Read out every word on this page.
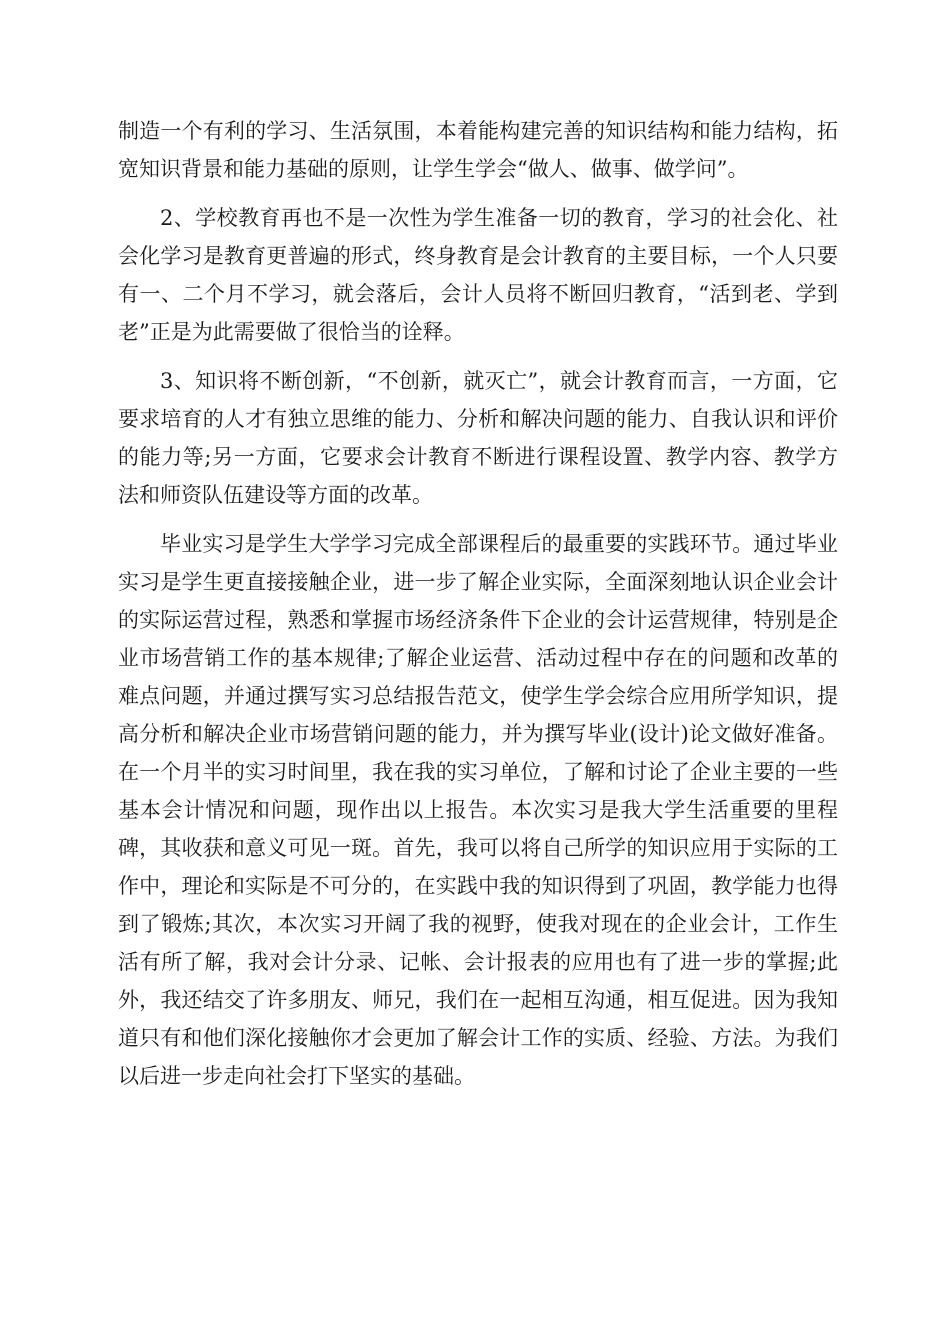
制造一个有利的学习、生活氛围，本着能构建完善的知识结构和能力结构，拓宽知识背景和能力基础的原则，让学生学会“做人、做事、做学问”。

2、学校教育再也不是一次性为学生准备一切的教育，学习的社会化、社会化学习是教育更普遍的形式，终身教育是会计教育的主要目标，一个人只要有一、二个月不学习，就会落后，会计人员将不断回归教育，“活到老、学到老”正是为此需要做了很恰当的诠释。

3、知识将不断创新，“不创新，就灭亡”，就会计教育而言，一方面，它要求培育的人才有独立思维的能力、分析和解决问题的能力、自我认识和评价的能力等;另一方面，它要求会计教育不断进行课程设置、教学内容、教学方法和师资队伍建设等方面的改革。

毕业实习是学生大学学习完成全部课程后的最重要的实践环节。通过毕业实习是学生更直接接触企业，进一步了解企业实际，全面深刻地认识企业会计的实际运营过程，熟悉和掌握市场经济条件下企业的会计运营规律，特别是企业市场营销工作的基本规律;了解企业运营、活动过程中存在的问题和改革的难点问题，并通过撰写实习总结报告范文，使学生学会综合应用所学知识，提高分析和解决企业市场营销问题的能力，并为撰写毕业(设计)论文做好准备。在一个月半的实习时间里，我在我的实习单位，了解和讨论了企业主要的一些基本会计情况和问题，现作出以上报告。本次实习是我大学生活重要的里程碑，其收获和意义可见一斑。首先，我可以将自己所学的知识应用于实际的工作中，理论和实际是不可分的，在实践中我的知识得到了巩固，教学能力也得到了锻炼;其次，本次实习开阔了我的视野，使我对现在的企业会计，工作生活有所了解，我对会计分录、记帐、会计报表的应用也有了进一步的掌握;此外，我还结交了许多朋友、师兄，我们在一起相互沟通，相互促进。因为我知道只有和他们深化接触你才会更加了解会计工作的实质、经验、方法。为我们以后进一步走向社会打下坚实的基础。
